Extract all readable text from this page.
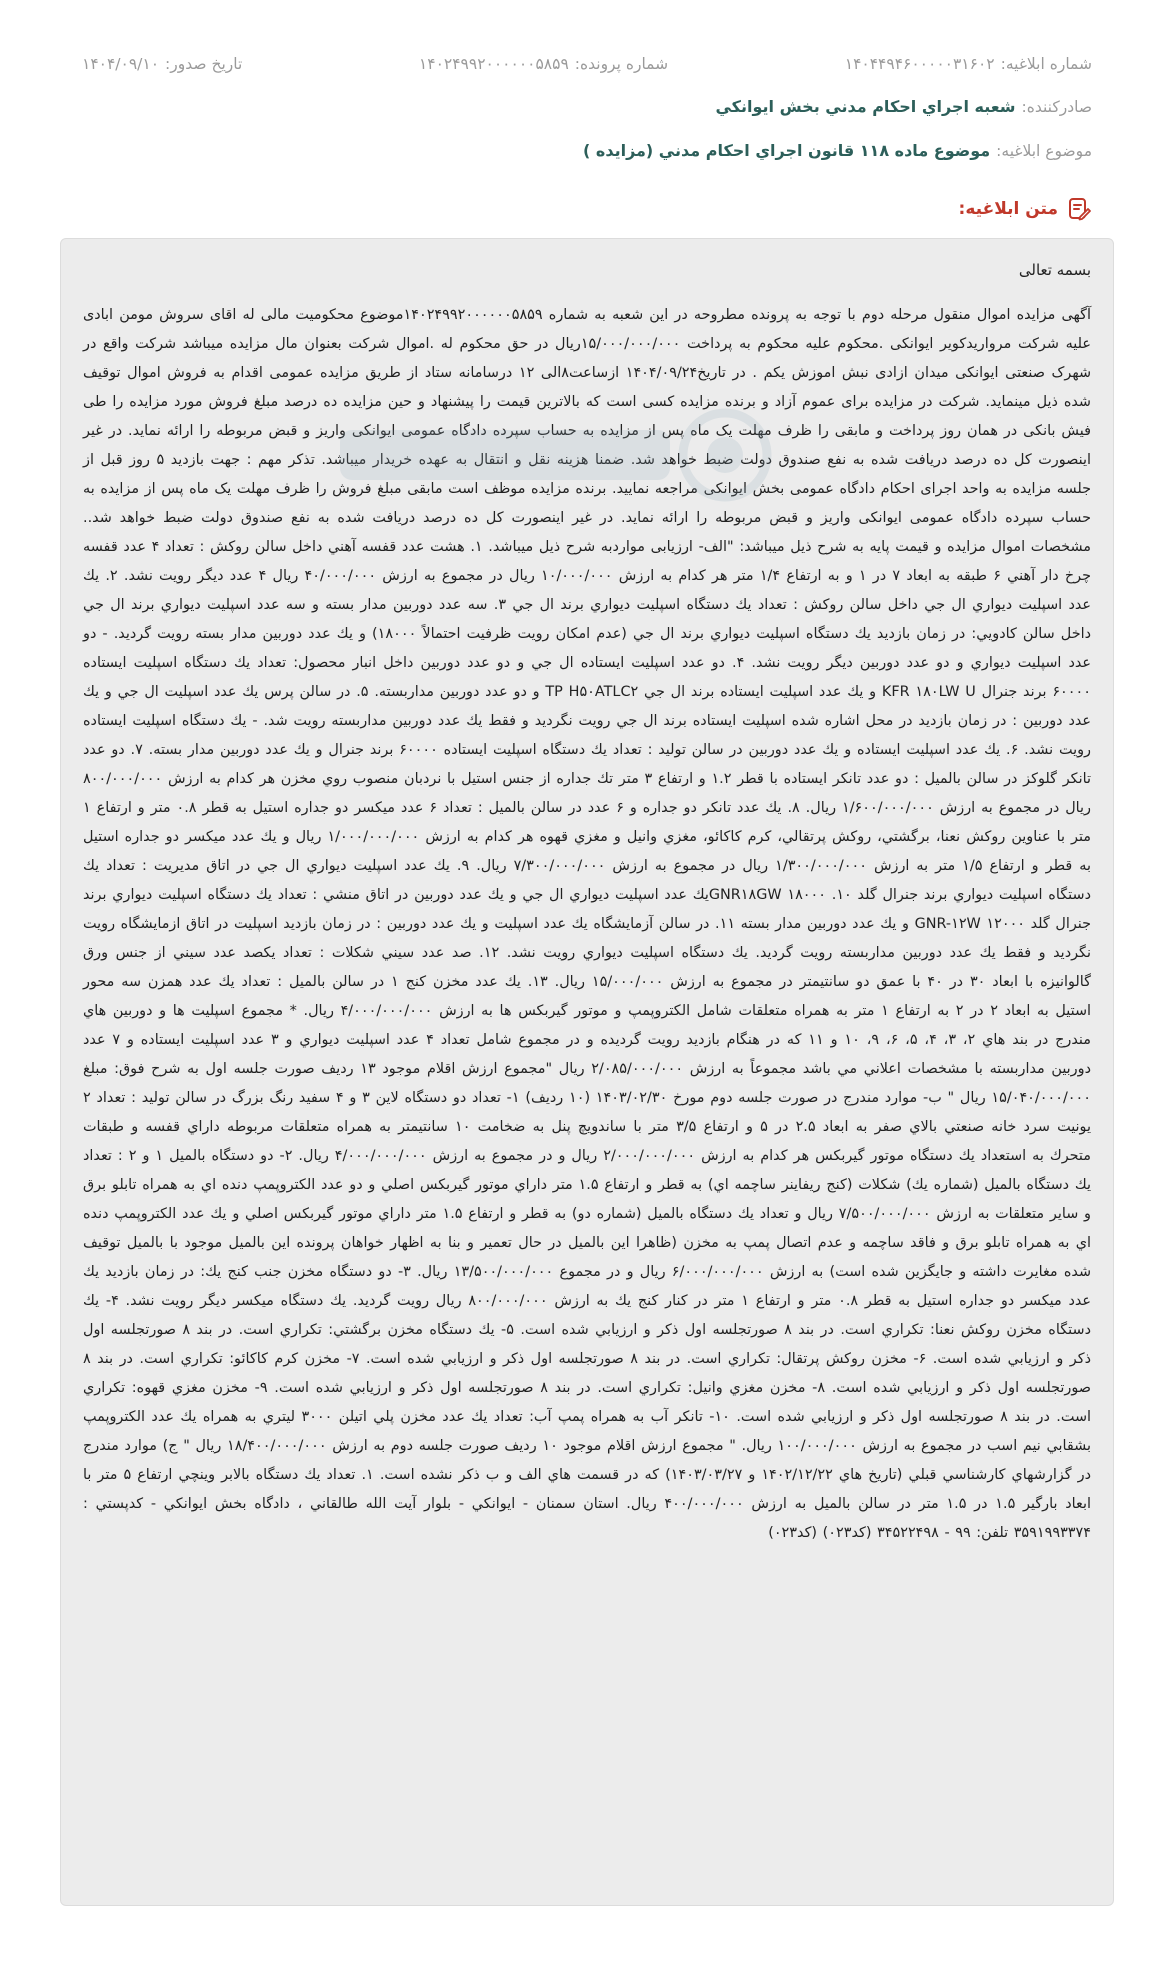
شماره ابلاغیه:
۱۴۰۴۴۹۴۶۰۰۰۰۰۳۱۶۰۲
شماره پرونده:
۱۴۰۲۴۹۹۲۰۰۰۰۰۰۵۸۵۹
تاریخ صدور:
۱۴۰۴/۰۹/۱۰
صادرکننده:
شعبه اجراي احكام مدني بخش ايوانكي
موضوع ابلاغیه:
موضوع ماده ۱۱۸ قانون اجراي احكام مدني (مزايده )
متن ابلاغیه:
بسمه تعالی
آگهی مزایده اموال منقول مرحله دوم با توجه به پرونده مطروحه در این شعبه به شماره ۱۴۰۲۴۹۹۲۰۰۰۰۰۰۵۸۵۹موضوع محکومیت مالی له اقای سروش مومن ابادی علیه شرکت مرواریدکویر ایوانکی .محکوم علیه محکوم به پرداخت ۱۵/۰۰۰/۰۰۰/۰۰۰ریال در حق محکوم له .اموال شرکت بعنوان مال مزایده میباشد شرکت واقع در شهرک صنعتی ایوانکی میدان ازادی نبش اموزش یکم . در تاریخ۱۴۰۴/۰۹/۲۴ ازساعت۸الی ۱۲ درسامانه ستاد از طریق مزایده عمومی اقدام به فروش اموال توقیف شده ذیل مینماید. شرکت در مزایده برای عموم آزاد و برنده مزایده کسی است که بالاترین قیمت را پیشنهاد و حین مزایده ده درصد مبلغ فروش مورد مزایده را طی فیش بانکی در همان روز پرداخت و مابقی را ظرف مهلت یک ماه پس از مزایده به حساب سپرده دادگاه عمومی ایوانکی واریز و قبض مربوطه را ارائه نماید. در غیر اینصورت کل ده درصد دریافت شده به نفع صندوق دولت ضبط خواهد شد. ضمنا هزینه نقل و انتقال به عهده خریدار میباشد. تذکر مهم : جهت بازدید ۵ روز قبل از جلسه مزایده به واحد اجرای احکام دادگاه عمومی بخش ایوانکی مراجعه نمایید. برنده مزایده موظف است مابقی مبلغ فروش را ظرف مهلت یک ماه پس از مزایده به حساب سپرده دادگاه عمومی ایوانکی واریز و قبض مربوطه را ارائه نماید. در غیر اینصورت کل ده درصد دریافت شده به نفع صندوق دولت ضبط خواهد شد.. مشخصات اموال مزایده و قیمت پایه به شرح ذیل میباشد: "الف- ارزیابی مواردبه شرح ذیل میباشد. ۱. هشت عدد قفسه آهني داخل سالن روكش : تعداد ۴ عدد قفسه چرخ دار آهني ۶ طبقه به ابعاد ۷ در ۱ و به ارتفاع ۱/۴ متر هر كدام به ارزش ۱۰/۰۰۰/۰۰۰ ريال در مجموع به ارزش ۴۰/۰۰۰/۰۰۰ ريال ۴ عدد ديگر رويت نشد. ۲. يك عدد اسپليت ديواري ال جي داخل سالن روكش : تعداد يك دستگاه اسپليت ديواري برند ال جي ۳. سه عدد دوربين مدار بسته و سه عدد اسپليت ديواري برند ال جي داخل سالن كادويي: در زمان بازديد يك دستگاه اسپليت ديواري برند ال جي (عدم امكان رويت ظرفيت احتمالاً ۱۸۰۰۰) و يك عدد دوربين مدار بسته رويت گرديد. - دو عدد اسپليت ديواري و دو عدد دوربين ديگر رويت نشد. ۴. دو عدد اسپليت ايستاده ال جي و دو عدد دوربين داخل انبار محصول: تعداد يك دستگاه اسپليت ايستاده ۶۰۰۰۰ برند جنرال KFR ۱۸۰LW U و يك عدد اسپليت ايستاده برند ال جي TP H۵۰ATLC۲ و دو عدد دوربين مداربسته. ۵. در سالن پرس يك عدد اسپليت ال جي و يك عدد دوربين : در زمان بازديد در محل اشاره شده اسپليت ايستاده برند ال جي رويت نگرديد و فقط يك عدد دوربين مداربسته رويت شد. - يك دستگاه اسپليت ايستاده رويت نشد. ۶. يك عدد اسپليت ايستاده و يك عدد دوربين در سالن توليد : تعداد يك دستگاه اسپليت ايستاده ۶۰۰۰۰ برند جنرال و يك عدد دوربين مدار بسته. ۷. دو عدد تانكر گلوكز در سالن بالميل : دو عدد تانكر ايستاده با قطر ۱.۲ و ارتفاع ۳ متر تك جداره از جنس استيل با نردبان منصوب روي مخزن هر كدام به ارزش ۸۰۰/۰۰۰/۰۰۰ ريال در مجموع به ارزش ۱/۶۰۰/۰۰۰/۰۰۰ ريال. ۸. يك عدد تانكر دو جداره و ۶ عدد در سالن بالميل : تعداد ۶ عدد ميكسر دو جداره استيل به قطر ۰.۸ متر و ارتفاع ۱ متر با عناوين روكش نعنا، برگشتي، روكش پرتقالي، كرم كاكائو، مغزي وانيل و مغزي قهوه هر كدام به ارزش ۱/۰۰۰/۰۰۰/۰۰۰ ريال و يك عدد ميكسر دو جداره استيل به قطر و ارتفاع ۱/۵ متر به ارزش ۱/۳۰۰/۰۰۰/۰۰۰ ريال در مجموع به ارزش ۷/۳۰۰/۰۰۰/۰۰۰ ريال. ۹. يك عدد اسپليت ديواري ال جي در اتاق مديريت : تعداد يك دستگاه اسپليت ديواري برند جنرال گلد ۱۰. GNR۱۸GW ۱۸۰۰۰يك عدد اسپليت ديواري ال جي و يك عدد دوربين در اتاق منشي : تعداد يك دستگاه اسپليت ديواري برند جنرال گلد ۱۲۰۰۰ GNR-۱۲W و يك عدد دوربين مدار بسته ۱۱. در سالن آزمايشگاه يك عدد اسپليت و يك عدد دوربين : در زمان بازديد اسپليت در اتاق ازمايشگاه رويت نگرديد و فقط يك عدد دوربين مداربسته رويت گرديد. يك دستگاه اسپليت ديواري رويت نشد. ۱۲. صد عدد سيني شكلات : تعداد يكصد عدد سيني از جنس ورق گالوانيزه با ابعاد ۳۰ در ۴۰ با عمق دو سانتيمتر در مجموع به ارزش ۱۵/۰۰۰/۰۰۰ ريال. ۱۳. يك عدد مخزن كنج ۱ در سالن بالميل : تعداد يك عدد همزن سه محور استيل به ابعاد ۲ در ۲ به ارتفاع ۱ متر به همراه متعلقات شامل الكتروپمپ و موتور گيربكس ها به ارزش ۴/۰۰۰/۰۰۰/۰۰۰ ريال. * مجموع اسپليت ها و دوربين هاي مندرج در بند هاي ۲، ۳، ۴، ۵، ۶، ۹، ۱۰ و ۱۱ كه در هنگام بازديد رويت گرديده و در مجموع شامل تعداد ۴ عدد اسپليت ديواري و ۳ عدد اسپليت ايستاده و ۷ عدد دوربين مداربسته با مشخصات اعلاني مي باشد مجموعاً به ارزش ۲/۰۸۵/۰۰۰/۰۰۰ ريال "مجموع ارزش اقلام موجود ۱۳ رديف صورت جلسه اول به شرح فوق: مبلغ ۱۵/۰۴۰/۰۰۰/۰۰۰ ريال " ب- موارد مندرج در صورت جلسه دوم مورخ ۱۴۰۳/۰۲/۳۰ (۱۰ رديف) ۱- تعداد دو دستگاه لاين ۳ و ۴ سفيد رنگ بزرگ در سالن توليد : تعداد ۲ يونيت سرد خانه صنعتي بالاي صفر به ابعاد ۲.۵ در ۵ و ارتفاع ۳/۵ متر با ساندويچ پنل به ضخامت ۱۰ سانتيمتر به همراه متعلقات مربوطه داراي قفسه و طبقات متحرك به استعداد يك دستگاه موتور گيربكس هر كدام به ارزش ۲/۰۰۰/۰۰۰/۰۰۰ ريال و در مجموع به ارزش ۴/۰۰۰/۰۰۰/۰۰۰ ريال. ۲- دو دستگاه بالميل ۱ و ۲ : تعداد يك دستگاه بالميل (شماره يك) شكلات (كنج ريفاينر ساچمه اي) به قطر و ارتفاع ۱.۵ متر داراي موتور گيربكس اصلي و دو عدد الكتروپمپ دنده اي به همراه تابلو برق و ساير متعلقات به ارزش ۷/۵۰۰/۰۰۰/۰۰۰ ريال و تعداد يك دستگاه بالميل (شماره دو) به قطر و ارتفاع ۱.۵ متر داراي موتور گيربكس اصلي و يك عدد الكتروپمپ دنده اي به همراه تابلو برق و فاقد ساچمه و عدم اتصال پمپ به مخزن (ظاهرا اين بالميل در حال تعمير و بنا به اظهار خواهان پرونده اين بالميل موجود با بالميل توقيف شده مغايرت داشته و جايگزين شده است) به ارزش ۶/۰۰۰/۰۰۰/۰۰۰ ريال و در مجموع ۱۳/۵۰۰/۰۰۰/۰۰۰ ريال. ۳- دو دستگاه مخزن جنب كنج يك: در زمان بازديد يك عدد ميكسر دو جداره استيل به قطر ۰.۸ متر و ارتفاع ۱ متر در كنار كنج يك به ارزش ۸۰۰/۰۰۰/۰۰۰ ريال رويت گرديد. يك دستگاه ميكسر ديگر رويت نشد. ۴- يك دستگاه مخزن روكش نعنا: تكراري است. در بند ۸ صورتجلسه اول ذكر و ارزيابي شده است. ۵- يك دستگاه مخزن برگشتي: تكراري است. در بند ۸ صورتجلسه اول ذكر و ارزيابي شده است. ۶- مخزن روكش پرتقال: تكراري است. در بند ۸ صورتجلسه اول ذكر و ارزيابي شده است. ۷- مخزن كرم كاكائو: تكراري است. در بند ۸ صورتجلسه اول ذكر و ارزيابي شده است. ۸- مخزن مغزي وانيل: تكراري است. در بند ۸ صورتجلسه اول ذكر و ارزيابي شده است. ۹- مخزن مغزي قهوه: تكراري است. در بند ۸ صورتجلسه اول ذكر و ارزيابي شده است. ۱۰- تانكر آب به همراه پمپ آب: تعداد يك عدد مخزن پلي اتيلن ۳۰۰۰ ليتري به همراه يك عدد الكتروپمپ بشقابي نيم اسب در مجموع به ارزش ۱۰۰/۰۰۰/۰۰۰ ريال. " مجموع ارزش اقلام موجود ۱۰ رديف صورت جلسه دوم به ارزش ۱۸/۴۰۰/۰۰۰/۰۰۰ ريال " ج) موارد مندرج در گزارشهاي كارشناسي قبلي (تاريخ هاي ۱۴۰۲/۱۲/۲۲ و ۱۴۰۳/۰۳/۲۷) كه در قسمت هاي الف و ب ذكر نشده است. ۱. تعداد يك دستگاه بالابر وينچي ارتفاع ۵ متر با ابعاد بارگير ۱.۵ در ۱.۵ متر در سالن بالميل به ارزش ۴۰۰/۰۰۰/۰۰۰ ريال. استان سمنان - ايوانكي - بلوار آيت الله طالقاني ، دادگاه بخش ايوانكي - كدپستي : ۳۵۹۱۹۹۳۳۷۴ تلفن: ۹۹ - ۳۴۵۲۲۴۹۸ (كد۰۲۳) (كد۰۲۳)
